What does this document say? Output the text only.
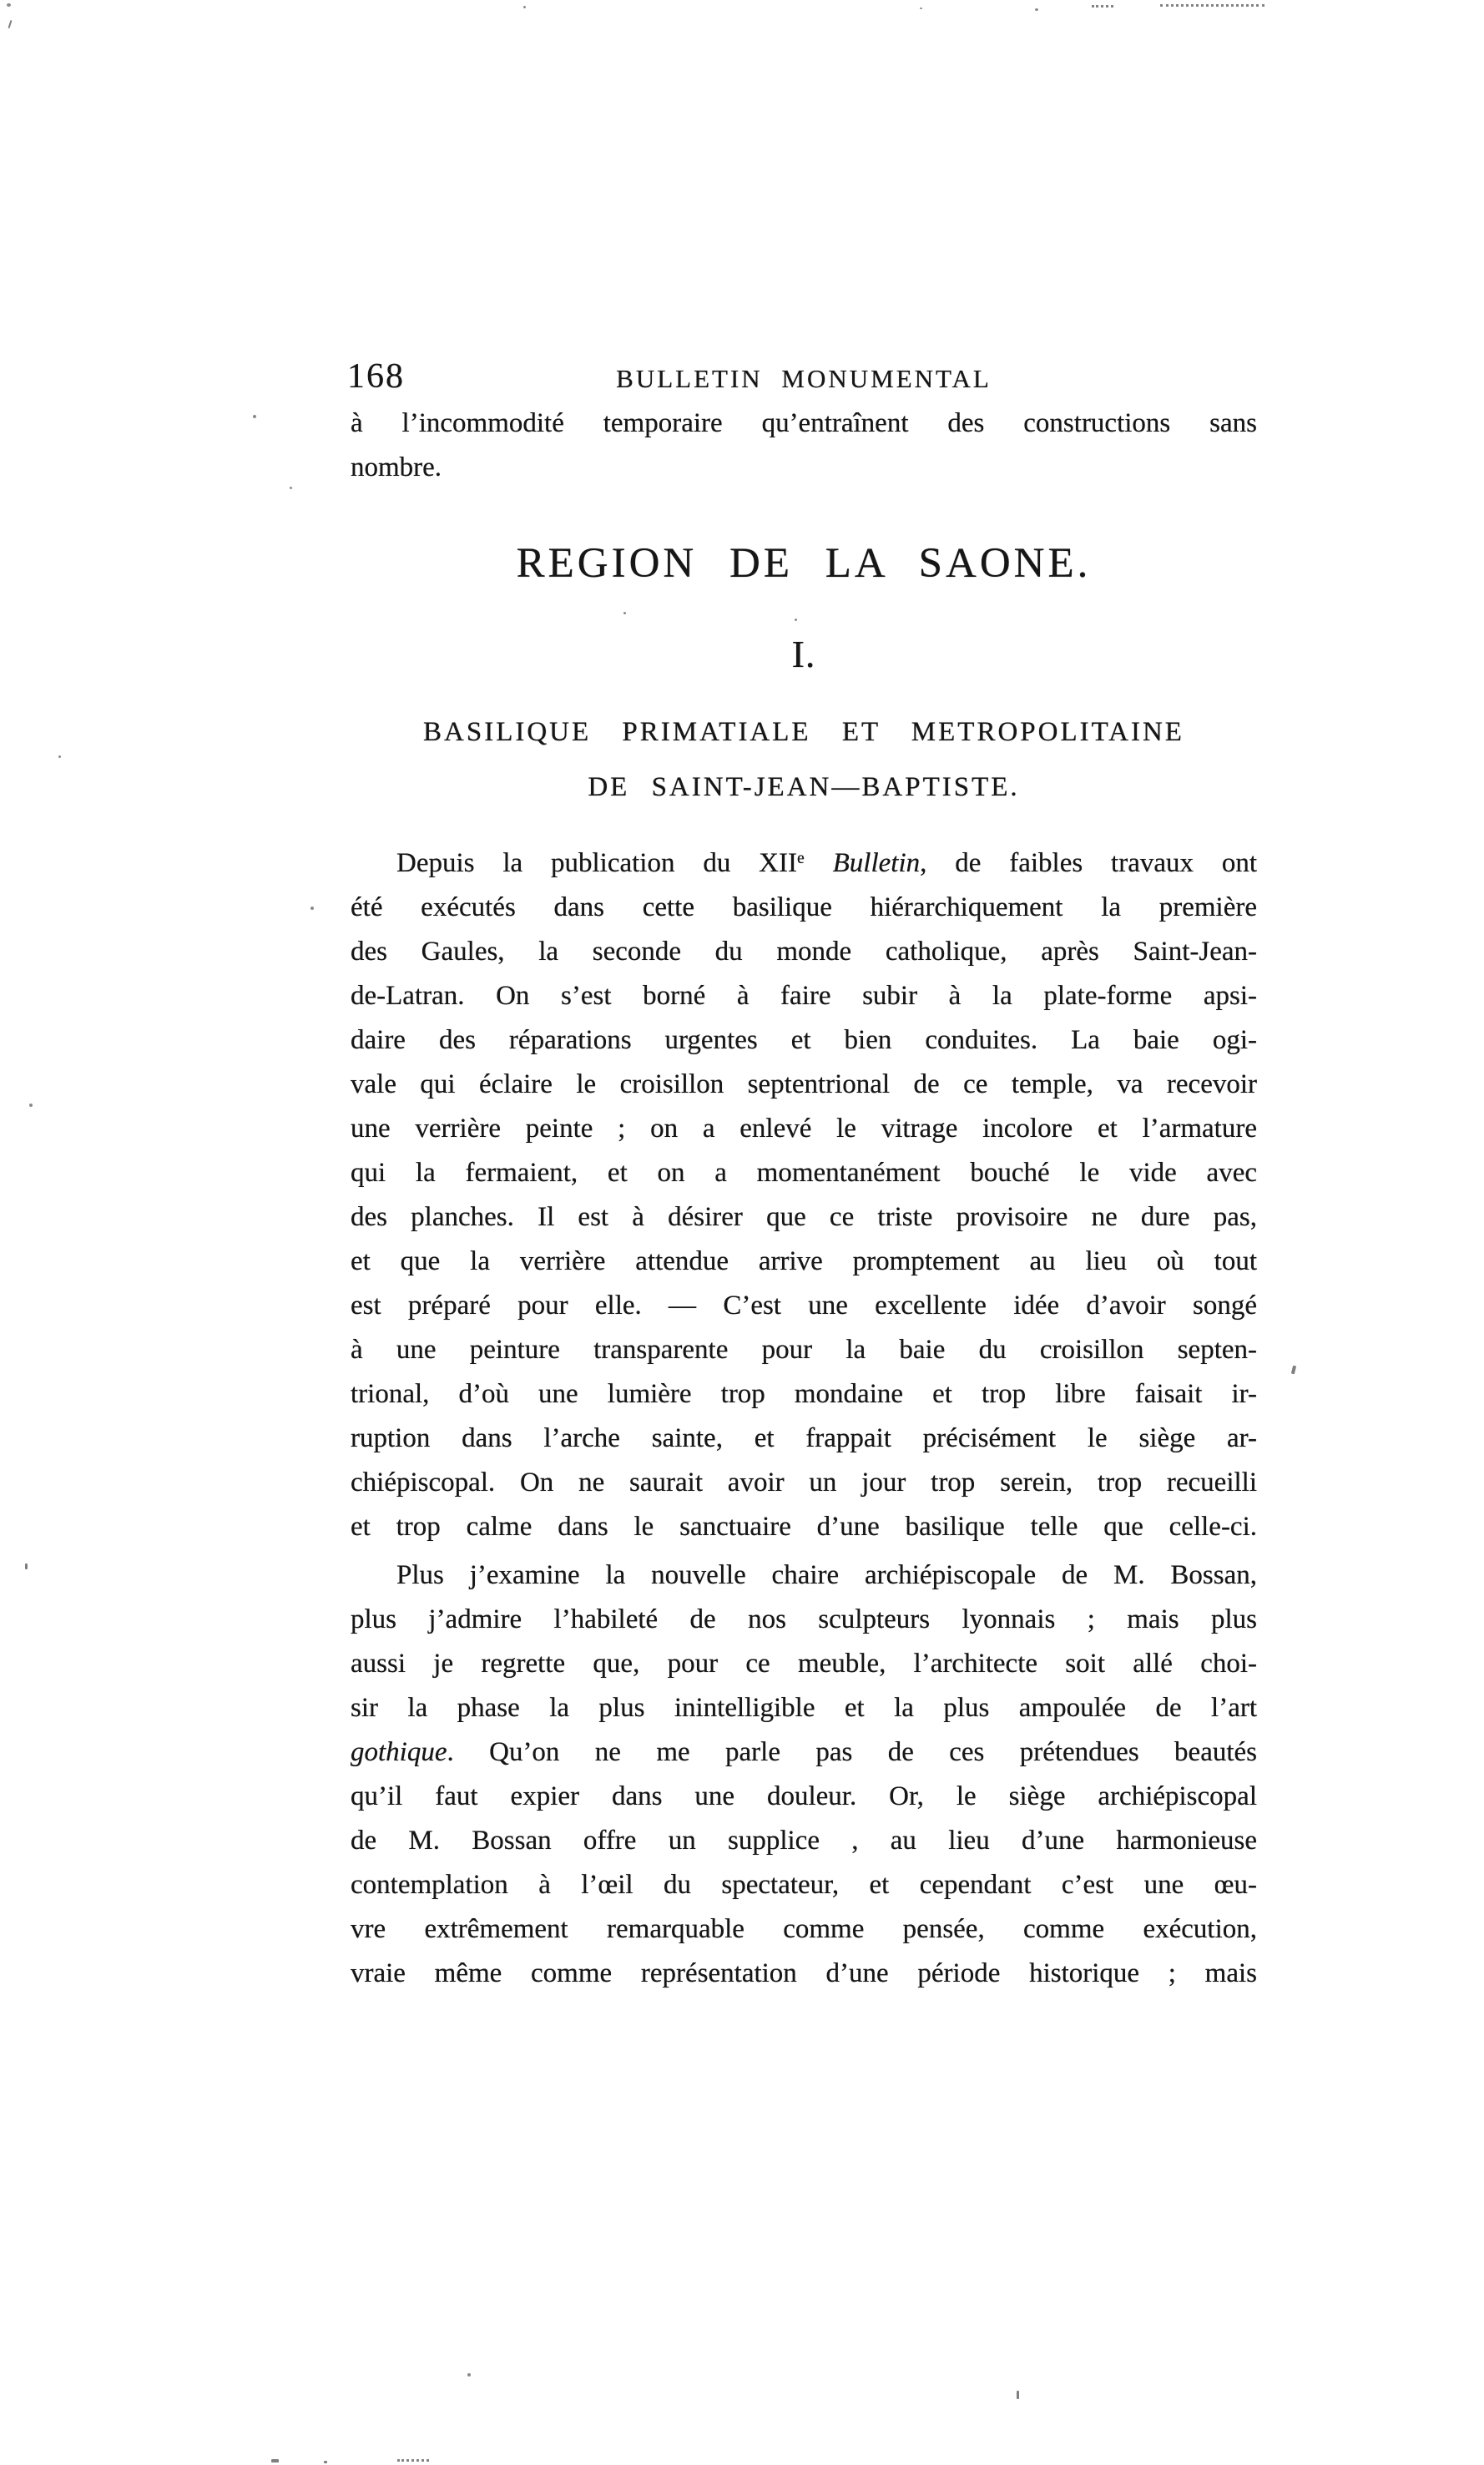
168	BULLETIN MONUMENTAL
à l’incommodité temporaire qu’entraînent des constructions sans
nombre.
REGION DE LA SAONE.
I.
BASILIQUE PRIMATIALE ET METROPOLITAINE
DE SAINT-JEAN—BAPTISTE.
Depuis la publication du XIIe Bulletin, de faibles travaux ont
été exécutés dans cette basilique hiérarchiquement la première
des Gaules, la seconde du monde catholique, après Saint-Jean-
de-Latran. On s’est borné à faire subir à la plate-forme apsi-
daire des réparations urgentes et bien conduites. La baie ogi-
vale qui éclaire le croisillon septentrional de ce temple, va recevoir
une verrière peinte ; on a enlevé le vitrage incolore et l’armature
qui la fermaient, et on a momentanément bouché le vide avec
des planches. Il est à désirer que ce triste provisoire ne dure pas,
et que la verrière attendue arrive promptement au lieu où tout
est préparé pour elle. — C’est une excellente idée d’avoir songé
à une peinture transparente pour la baie du croisillon septen-
trional, d’où une lumière trop mondaine et trop libre faisait ir-
ruption dans l’arche sainte, et frappait précisément le siège ar-
chiépiscopal. On ne saurait avoir un jour trop serein, trop recueilli
et trop calme dans le sanctuaire d’une basilique telle que celle-ci.
Plus j’examine la nouvelle chaire archiépiscopale de M. Bossan,
plus j’admire l’habileté de nos sculpteurs lyonnais ; mais plus
aussi je regrette que, pour ce meuble, l’architecte soit allé choi-
sir la phase la plus inintelligible et la plus ampoulée de l’art
gothique. Qu’on ne me parle pas de ces prétendues beautés
qu’il faut expier dans une douleur. Or, le siège archiépiscopal
de M. Bossan offre un supplice , au lieu d’une harmonieuse
contemplation à l’œil du spectateur, et cependant c’est une œu-
vre extrêmement remarquable comme pensée, comme exécution,
vraie même comme représentation d’une période historique ; mais
